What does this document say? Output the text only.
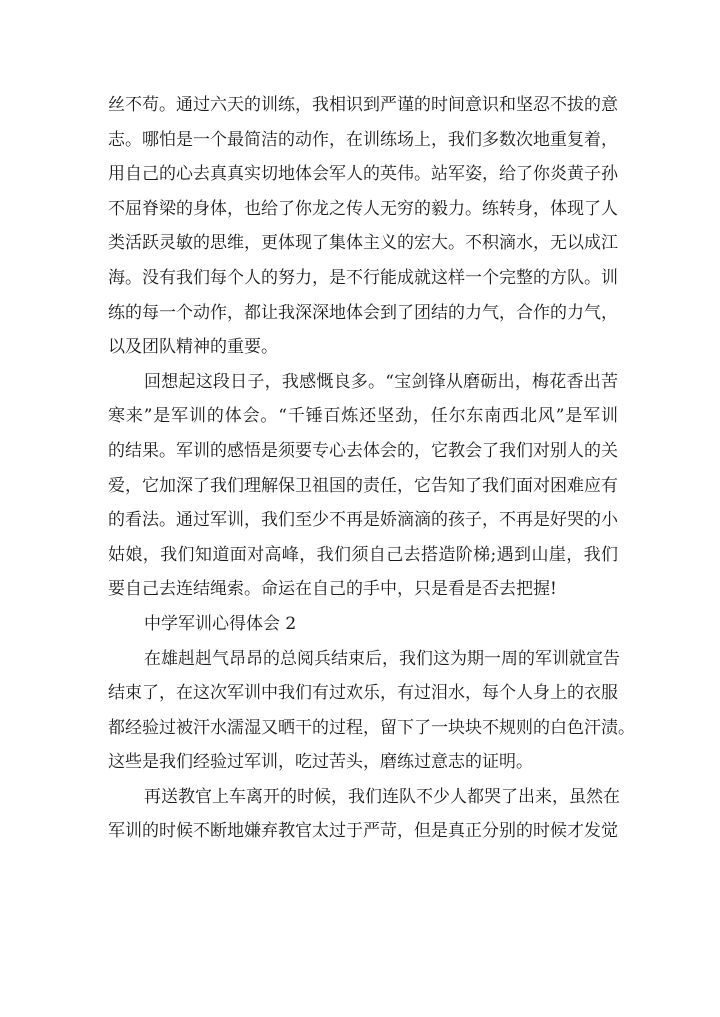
丝不苟。通过六天的训练，我相识到严谨的时间意识和坚忍不拔的意
志。哪怕是一个最简洁的动作，在训练场上，我们多数次地重复着，
用自己的心去真真实切地体会军人的英伟。站军姿，给了你炎黄子孙
不屈脊梁的身体，也给了你龙之传人无穷的毅力。练转身，体现了人
类活跃灵敏的思维，更体现了集体主义的宏大。不积滴水，无以成江
海。没有我们每个人的努力，是不行能成就这样一个完整的方队。训
练的每一个动作，都让我深深地体会到了团结的力气，合作的力气，
以及团队精神的重要。
回想起这段日子，我感慨良多。“宝剑锋从磨砺出，梅花香出苦
寒来”是军训的体会。“千锤百炼还坚劲，任尔东南西北风”是军训
的结果。军训的感悟是须要专心去体会的，它教会了我们对别人的关
爱，它加深了我们理解保卫祖国的责任，它告知了我们面对困难应有
的看法。通过军训，我们至少不再是娇滴滴的孩子，不再是好哭的小
姑娘，我们知道面对高峰，我们须自己去搭造阶梯;遇到山崖，我们
要自己去连结绳索。命运在自己的手中，只是看是否去把握!
中学军训心得体会 2
在雄赳赳气昂昂的总阅兵结束后，我们这为期一周的军训就宣告
结束了，在这次军训中我们有过欢乐，有过泪水，每个人身上的衣服
都经验过被汗水濡湿又晒干的过程，留下了一块块不规则的白色汗渍。
这些是我们经验过军训，吃过苦头，磨练过意志的证明。
再送教官上车离开的时候，我们连队不少人都哭了出来，虽然在
军训的时候不断地嫌弃教官太过于严苛，但是真正分别的时候才发觉
